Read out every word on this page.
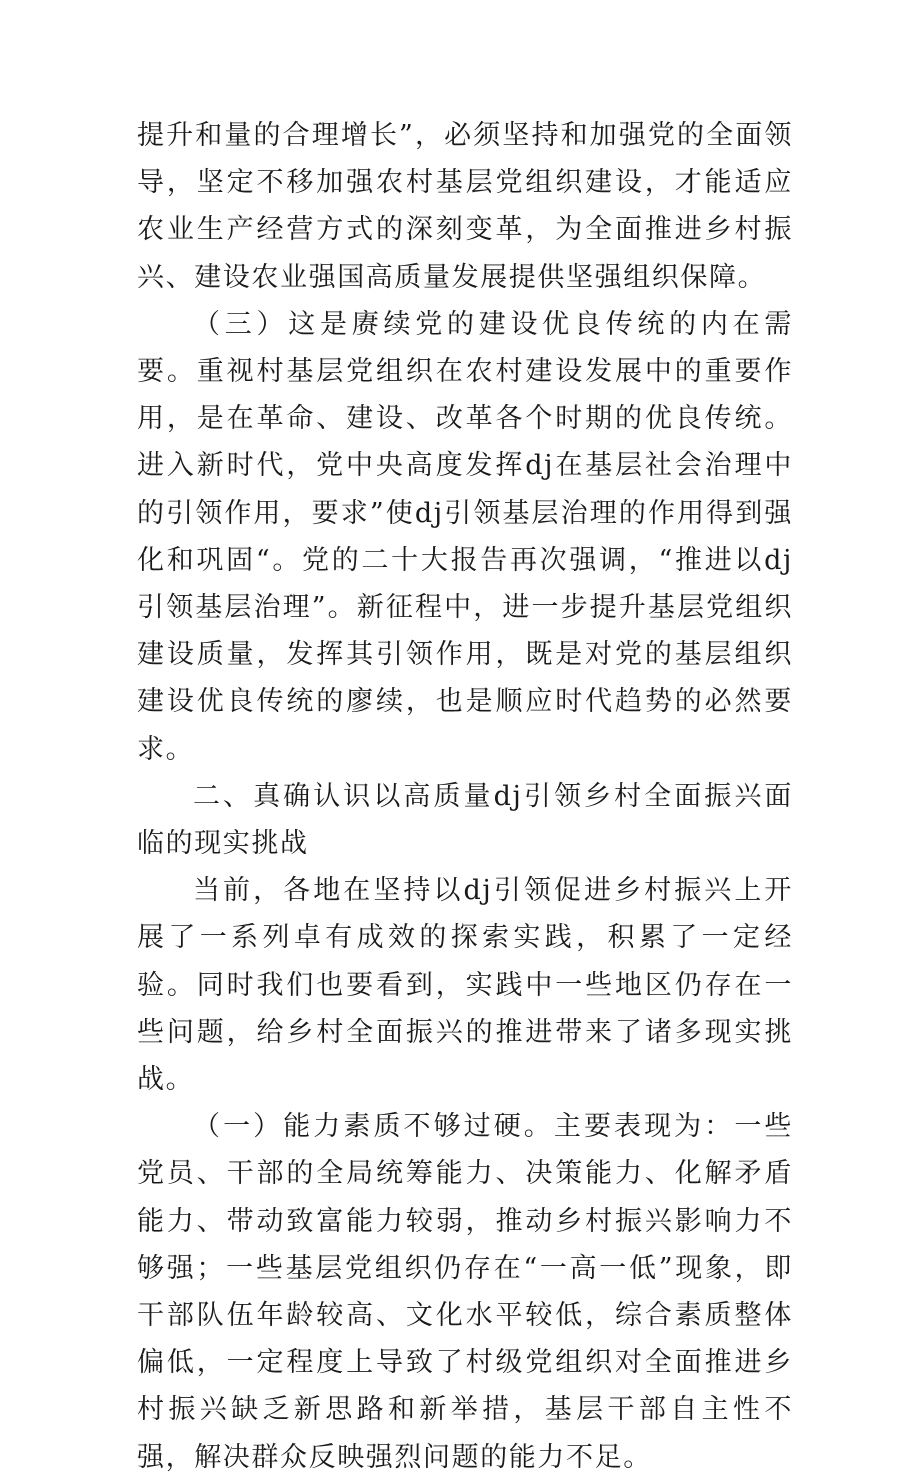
提升和量的合理增长”，必须坚持和加强党的全面领导，坚定不移加强农村基层党组织建设，才能适应农业生产经营方式的深刻变革，为全面推进乡村振兴、建设农业强国高质量发展提供坚强组织保障。

（三）这是赓续党的建设优良传统的内在需要。重视村基层党组织在农村建设发展中的重要作用，是在革命、建设、改革各个时期的优良传统。进入新时代，党中央高度发挥dj在基层社会治理中的引领作用，要求”使dj引领基层治理的作用得到强化和巩固“。党的二十大报告再次强调，“推进以dj引领基层治理”。新征程中，进一步提升基层党组织建设质量，发挥其引领作用，既是对党的基层组织建设优良传统的廖续，也是顺应时代趋势的必然要求。

二、真确认识以高质量dj引领乡村全面振兴面临的现实挑战

当前，各地在坚持以dj引领促进乡村振兴上开展了一系列卓有成效的探索实践，积累了一定经验。同时我们也要看到，实践中一些地区仍存在一些问题，给乡村全面振兴的推进带来了诸多现实挑战。

（一）能力素质不够过硬。主要表现为：一些党员、干部的全局统筹能力、决策能力、化解矛盾能力、带动致富能力较弱，推动乡村振兴影响力不够强；一些基层党组织仍存在“一高一低”现象，即干部队伍年龄较高、文化水平较低，综合素质整体偏低，一定程度上导致了村级党组织对全面推进乡村振兴缺乏新思路和新举措，基层干部自主性不强，解决群众反映强烈问题的能力不足。
